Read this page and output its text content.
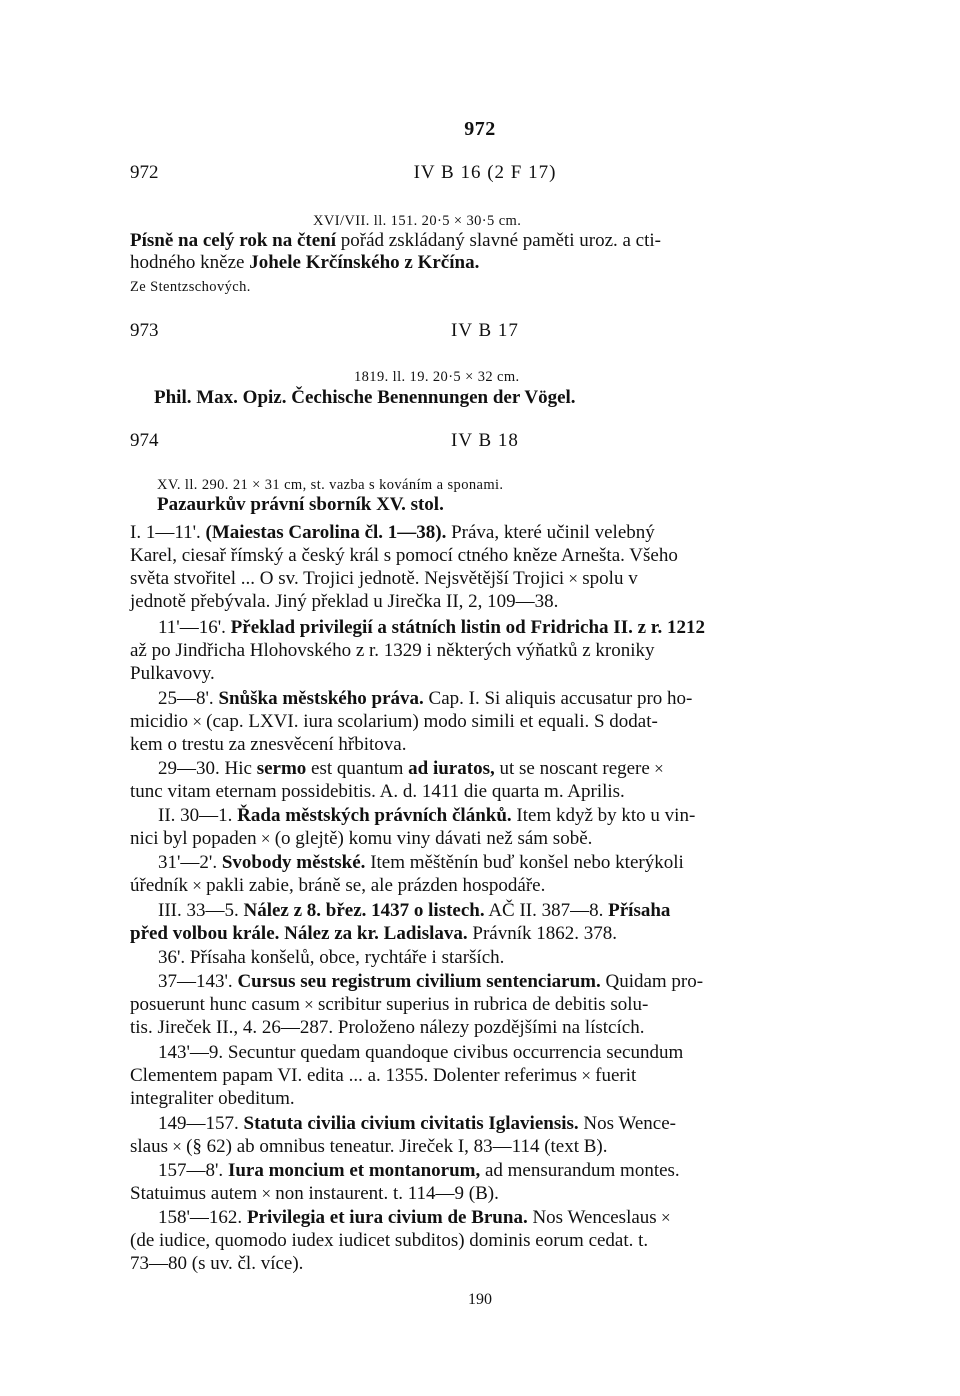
972
972	IV B 16 (2 F 17)
XVI/VII. ll. 151. 20·5 × 30·5 cm.
Písně na celý rok na čtení pořád zskládaný slavné paměti uroz. a cti-
hodného kněze Johele Krčínského z Krčína.
Ze Stentzschových.
973	IV B 17
1819. ll. 19. 20·5 × 32 cm.
Phil. Max. Opiz. Čechische Benennungen der Vögel.
974	IV B 18
XV. ll. 290. 21 × 31 cm, st. vazba s kováním a sponami.
Pazaurkův právní sborník XV. stol.
I. 1—11'. (Maiestas Carolina čl. 1—38). Práva, které učinil velebný
Karel, ciesař římský a český král s pomocí ctného kněze Arnešta. Všeho
světa stvořitel ... O sv. Trojici jednotě. Nejsvětější Trojici × spolu v
jednotě přebývala. Jiný překlad u Jirečka II, 2, 109—38.
11'—16'. Překlad privilegií a státních listin od Fridricha II. z r. 1212
až po Jindřicha Hlohovského z r. 1329 i některých výňatků z kroniky
Pulkavovy.
25—8'. Snůška městského práva. Cap. I. Si aliquis accusatur pro ho-
micidio × (cap. LXVI. iura scolarium) modo simili et equali. S dodat-
kem o trestu za znesvěcení hřbitova.
29—30. Hic sermo est quantum ad iuratos, ut se noscant regere ×
tunc vitam eternam possidebitis. A. d. 1411 die quarta m. Aprilis.
II. 30—1. Řada městských právních článků. Item když by kto u vin-
nici byl popaden × (o glejtě) komu viny dávati než sám sobě.
31'—2'. Svobody městské. Item měštěnín buď konšel nebo kterýkoli
úředník × pakli zabie, bráně se, ale prázden hospodáře.
III. 33—5. Nález z 8. břez. 1437 o listech. AČ II. 387—8. Přísaha
před volbou krále. Nález za kr. Ladislava. Právník 1862. 378.
36'. Přísaha konšelů, obce, rychtáře i starších.
37—143'. Cursus seu registrum civilium sentenciarum. Quidam pro-
posuerunt hunc casum × scribitur superius in rubrica de debitis solu-
tis. Jireček II., 4. 26—287. Proloženo nálezy pozdějšími na lístcích.
143'—9. Secuntur quedam quandoque civibus occurrencia secundum
Clementem papam VI. edita ... a. 1355. Dolenter referimus × fuerit
integraliter obeditum.
149—157. Statuta civilia civium civitatis Iglaviensis. Nos Wence-
slaus × (§ 62) ab omnibus teneatur. Jireček I, 83—114 (text B).
157—8'. Iura moncium et montanorum, ad mensurandum montes.
Statuimus autem × non instaurent. t. 114—9 (B).
158'—162. Privilegia et iura civium de Bruna. Nos Wenceslaus ×
(de iudice, quomodo iudex iudicet subditos) dominis eorum cedat. t.
73—80 (s uv. čl. více).
190
